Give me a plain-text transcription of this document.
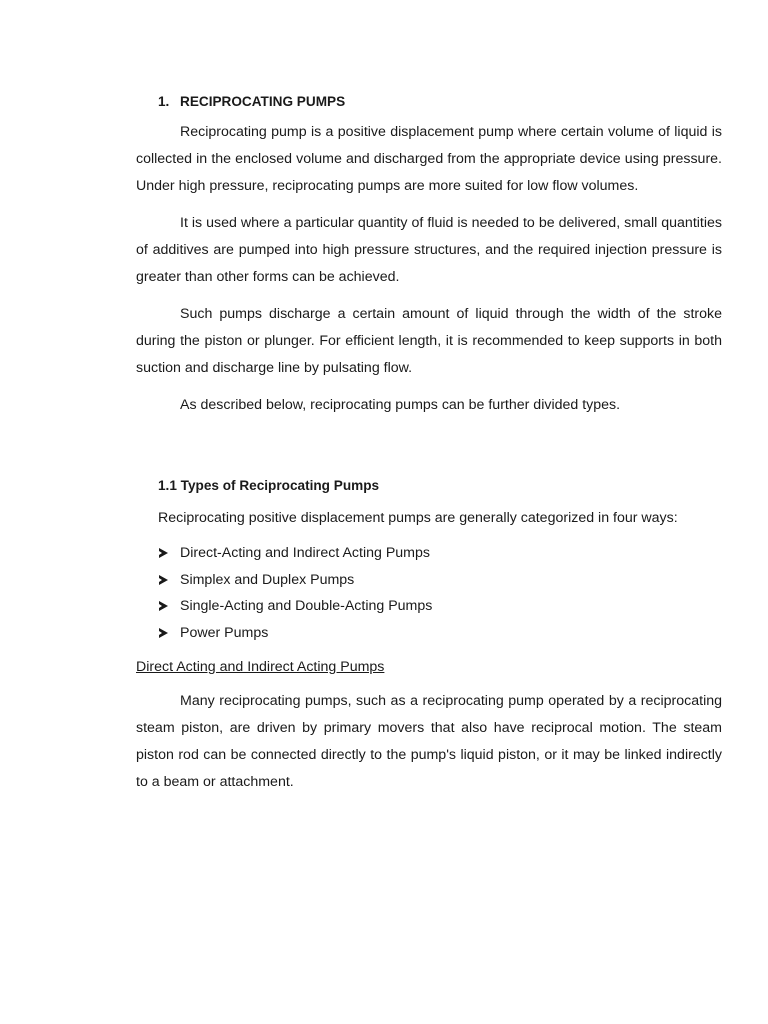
1. RECIPROCATING PUMPS

Reciprocating pump is a positive displacement pump where certain volume of liquid is collected in the enclosed volume and discharged from the appropriate device using pressure. Under high pressure, reciprocating pumps are more suited for low flow volumes.

It is used where a particular quantity of fluid is needed to be delivered, small quantities of additives are pumped into high pressure structures, and the required injection pressure is greater than other forms can be achieved.

Such pumps discharge a certain amount of liquid through the width of the stroke during the piston or plunger. For efficient length, it is recommended to keep supports in both suction and discharge line by pulsating flow.

As described below, reciprocating pumps can be further divided types.

1.1 Types of Reciprocating Pumps

Reciprocating positive displacement pumps are generally categorized in four ways:

Direct-Acting and Indirect Acting Pumps
Simplex and Duplex Pumps
Single-Acting and Double-Acting Pumps
Power Pumps
Direct Acting and Indirect Acting Pumps

Many reciprocating pumps, such as a reciprocating pump operated by a reciprocating steam piston, are driven by primary movers that also have reciprocal motion. The steam piston rod can be connected directly to the pump's liquid piston, or it may be linked indirectly to a beam or attachment.
